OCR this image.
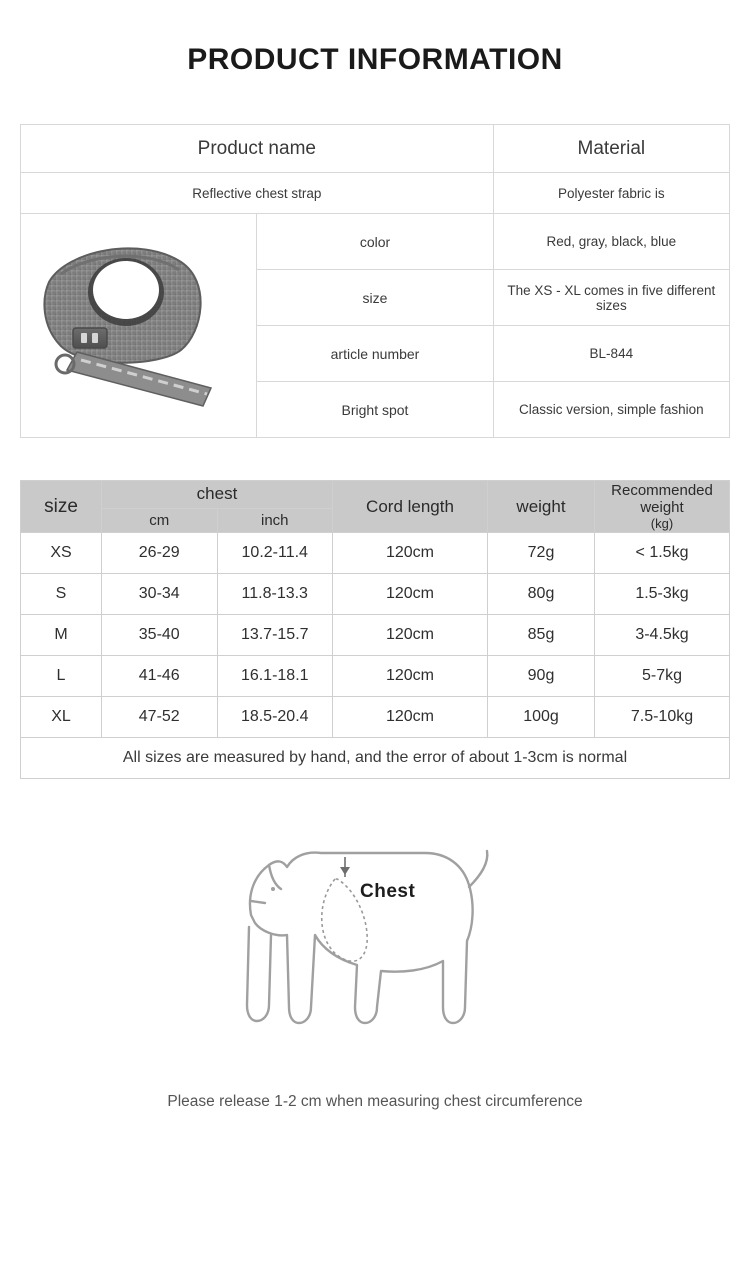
PRODUCT INFORMATION
Product name		Material
Reflective chest strap		Polyester fabric is

	color	Red, gray, black, blue
	size	The XS - XL comes in five different sizes
	article number	BL-844
	Bright spot	Classic version, simple fashion
size	chest		Cord length	weight	Recommended weight
(kg)

	cm	inch			
XS	26-29	10.2-11.4	120cm	72g	< 1.5kg
S	30-34	11.8-13.3	120cm	80g	1.5-3kg
M	35-40	13.7-15.7	120cm	85g	3-4.5kg
L	41-46	16.1-18.1	120cm	90g	5-7kg
XL	47-52	18.5-20.4	120cm	100g	7.5-10kg
All sizes are measured by hand, and the error of about 1-3cm is normal					
Chest
Please release 1-2 cm when measuring chest circumference
